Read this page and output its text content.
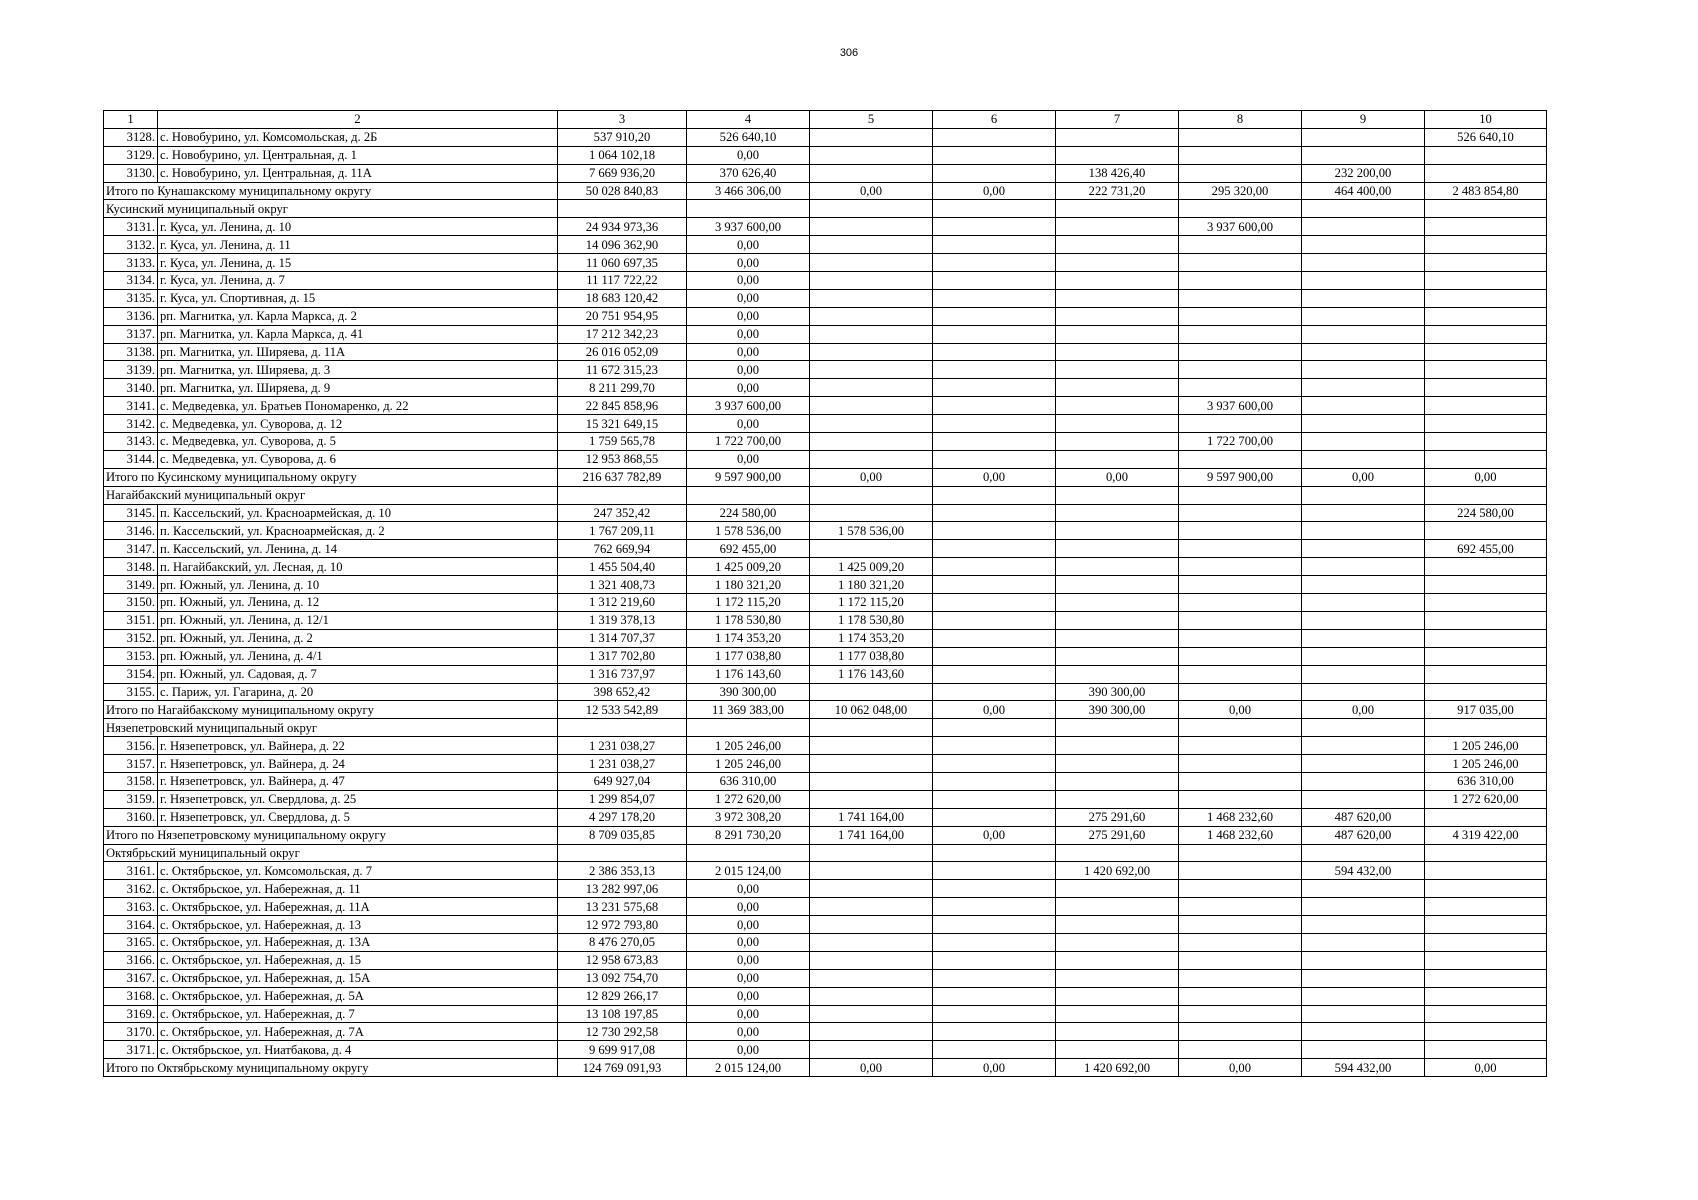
306
1	2	3	4	5	6	7	8	9	10
3128.	с. Новобурино, ул. Комсомольская, д. 2Б	537 910,20	526 640,10						526 640,10
3129.	с. Новобурино, ул. Центральная, д. 1	1 064 102,18	0,00						
3130.	с. Новобурино, ул. Центральная, д. 11А	7 669 936,20	370 626,40			138 426,40		232 200,00	
Итого по Кунашакскому муниципальному округу		50 028 840,83	3 466 306,00	0,00	0,00	222 731,20	295 320,00	464 400,00	2 483 854,80
Кусинский муниципальный округ									
3131.	г. Куса, ул. Ленина, д. 10	24 934 973,36	3 937 600,00				3 937 600,00		
3132.	г. Куса, ул. Ленина, д. 11	14 096 362,90	0,00						
3133.	г. Куса, ул. Ленина, д. 15	11 060 697,35	0,00						
3134.	г. Куса, ул. Ленина, д. 7	11 117 722,22	0,00						
3135.	г. Куса, ул. Спортивная, д. 15	18 683 120,42	0,00						
3136.	рп. Магнитка, ул. Карла Маркса, д. 2	20 751 954,95	0,00						
3137.	рп. Магнитка, ул. Карла Маркса, д. 41	17 212 342,23	0,00						
3138.	рп. Магнитка, ул. Ширяева, д. 11А	26 016 052,09	0,00						
3139.	рп. Магнитка, ул. Ширяева, д. 3	11 672 315,23	0,00						
3140.	рп. Магнитка, ул. Ширяева, д. 9	8 211 299,70	0,00						
3141.	с. Медведевка, ул. Братьев Пономаренко, д. 22	22 845 858,96	3 937 600,00				3 937 600,00		
3142.	с. Медведевка, ул. Суворова, д. 12	15 321 649,15	0,00						
3143.	с. Медведевка, ул. Суворова, д. 5	1 759 565,78	1 722 700,00				1 722 700,00		
3144.	с. Медведевка, ул. Суворова, д. 6	12 953 868,55	0,00						
Итого по Кусинскому муниципальному округу		216 637 782,89	9 597 900,00	0,00	0,00	0,00	9 597 900,00	0,00	0,00
Нагайбакский муниципальный округ									
3145.	п. Кассельский, ул. Красноармейская, д. 10	247 352,42	224 580,00						224 580,00
3146.	п. Кассельский, ул. Красноармейская, д. 2	1 767 209,11	1 578 536,00	1 578 536,00					
3147.	п. Кассельский, ул. Ленина, д. 14	762 669,94	692 455,00						692 455,00
3148.	п. Нагайбакский, ул. Лесная, д. 10	1 455 504,40	1 425 009,20	1 425 009,20					
3149.	рп. Южный, ул. Ленина, д. 10	1 321 408,73	1 180 321,20	1 180 321,20					
3150.	рп. Южный, ул. Ленина, д. 12	1 312 219,60	1 172 115,20	1 172 115,20					
3151.	рп. Южный, ул. Ленина, д. 12/1	1 319 378,13	1 178 530,80	1 178 530,80					
3152.	рп. Южный, ул. Ленина, д. 2	1 314 707,37	1 174 353,20	1 174 353,20					
3153.	рп. Южный, ул. Ленина, д. 4/1	1 317 702,80	1 177 038,80	1 177 038,80					
3154.	рп. Южный, ул. Садовая, д. 7	1 316 737,97	1 176 143,60	1 176 143,60					
3155.	с. Париж, ул. Гагарина, д. 20	398 652,42	390 300,00			390 300,00			
Итого по Нагайбакскому муниципальному округу		12 533 542,89	11 369 383,00	10 062 048,00	0,00	390 300,00	0,00	0,00	917 035,00
Нязепетровский муниципальный округ									
3156.	г. Нязепетровск, ул. Вайнера, д. 22	1 231 038,27	1 205 246,00						1 205 246,00
3157.	г. Нязепетровск, ул. Вайнера, д. 24	1 231 038,27	1 205 246,00						1 205 246,00
3158.	г. Нязепетровск, ул. Вайнера, д. 47	649 927,04	636 310,00						636 310,00
3159.	г. Нязепетровск, ул. Свердлова, д. 25	1 299 854,07	1 272 620,00						1 272 620,00
3160.	г. Нязепетровск, ул. Свердлова, д. 5	4 297 178,20	3 972 308,20	1 741 164,00		275 291,60	1 468 232,60	487 620,00	
Итого по Нязепетровскому муниципальному округу		8 709 035,85	8 291 730,20	1 741 164,00	0,00	275 291,60	1 468 232,60	487 620,00	4 319 422,00
Октябрьский муниципальный округ									
3161.	с. Октябрьское, ул. Комсомольская, д. 7	2 386 353,13	2 015 124,00			1 420 692,00		594 432,00	
3162.	с. Октябрьское, ул. Набережная, д. 11	13 282 997,06	0,00						
3163.	с. Октябрьское, ул. Набережная, д. 11А	13 231 575,68	0,00						
3164.	с. Октябрьское, ул. Набережная, д. 13	12 972 793,80	0,00						
3165.	с. Октябрьское, ул. Набережная, д. 13А	8 476 270,05	0,00						
3166.	с. Октябрьское, ул. Набережная, д. 15	12 958 673,83	0,00						
3167.	с. Октябрьское, ул. Набережная, д. 15А	13 092 754,70	0,00						
3168.	с. Октябрьское, ул. Набережная, д. 5А	12 829 266,17	0,00						
3169.	с. Октябрьское, ул. Набережная, д. 7	13 108 197,85	0,00						
3170.	с. Октябрьское, ул. Набережная, д. 7А	12 730 292,58	0,00						
3171.	с. Октябрьское, ул. Ниатбакова, д. 4	9 699 917,08	0,00						
Итого по Октябрьскому муниципальному округу		124 769 091,93	2 015 124,00	0,00	0,00	1 420 692,00	0,00	594 432,00	0,00
